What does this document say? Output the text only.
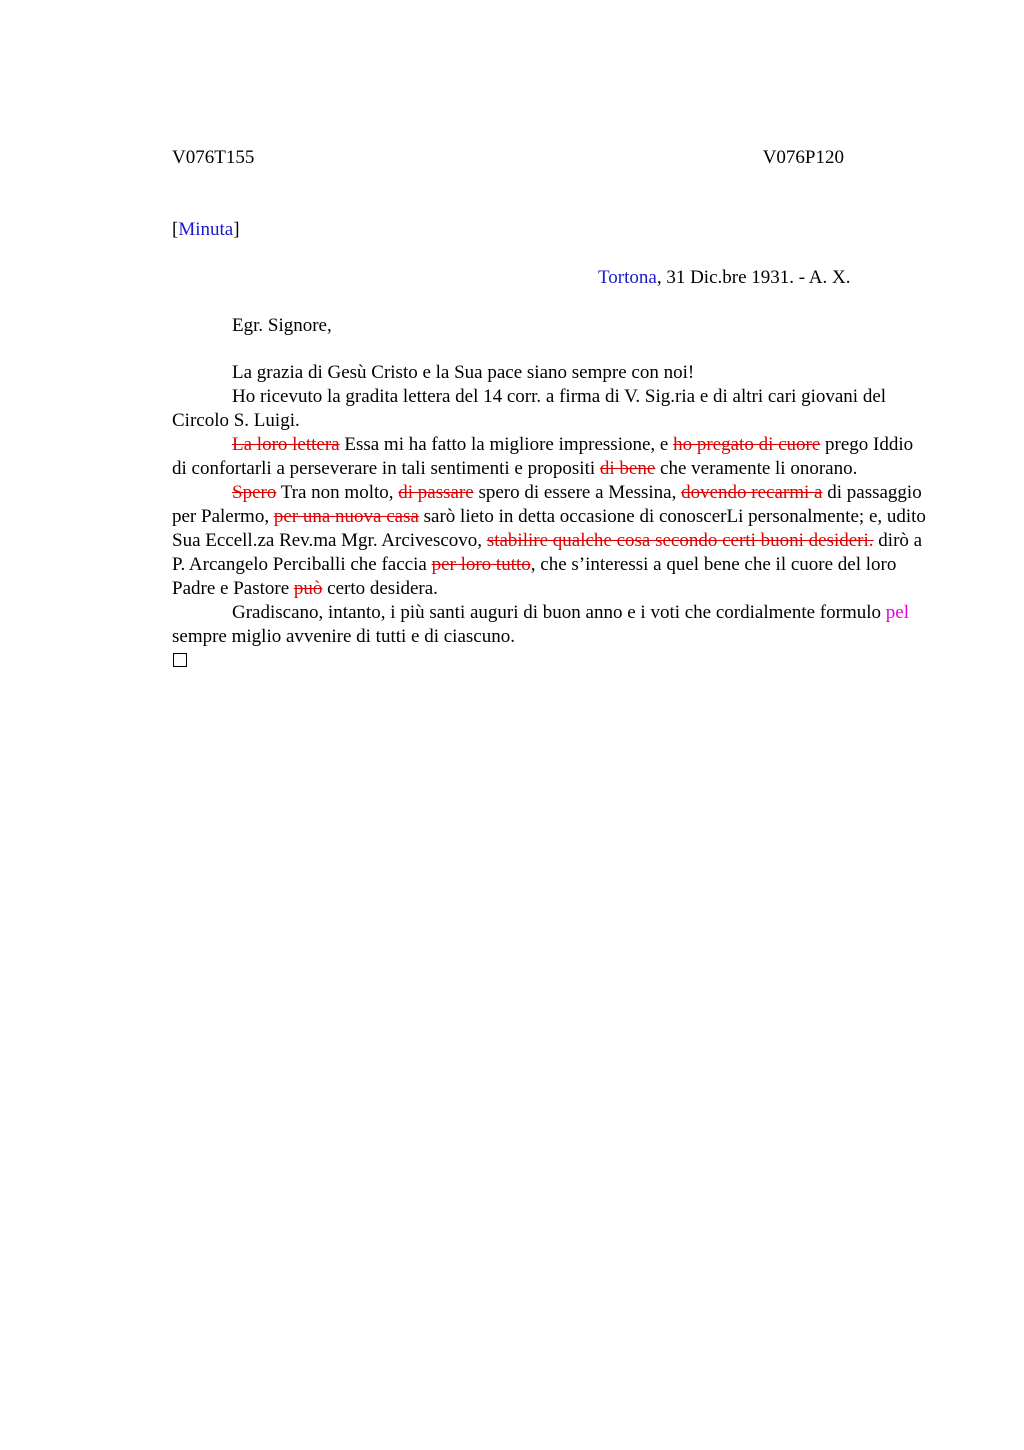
V076T155	V076P120
[Minuta]
Tortona, 31 Dic.bre 1931. - A. X.
Egr. Signore,

La grazia di Gesù Cristo e la Sua pace siano sempre con noi!

Ho ricevuto la gradita lettera del 14 corr. a firma di V. Sig.ria e di altri cari giovani del Circolo S. Luigi.

La loro lettera Essa mi ha fatto la migliore impressione, e ho pregato di cuore prego Iddio di confortarli a perseverare in tali sentimenti e propositi di bene che veramente li onorano.

Spero Tra non molto, di passare spero di essere a Messina, dovendo recarmi a di passaggio per Palermo, per una nuova casa sarò lieto in detta occasione di conoscerLi personalmente; e, udito Sua Eccell.za Rev.ma Mgr. Arcivescovo, stabilire qualche cosa secondo certi buoni desideri. dirò a P. Arcangelo Perciballi che faccia per loro tutto, che s’interessi a quel bene che il cuore del loro Padre e Pastore può certo desidera.

Gradiscano, intanto, i più santi auguri di buon anno e i voti che cordialmente formulo pel sempre miglio avvenire di tutti e di ciascuno.
